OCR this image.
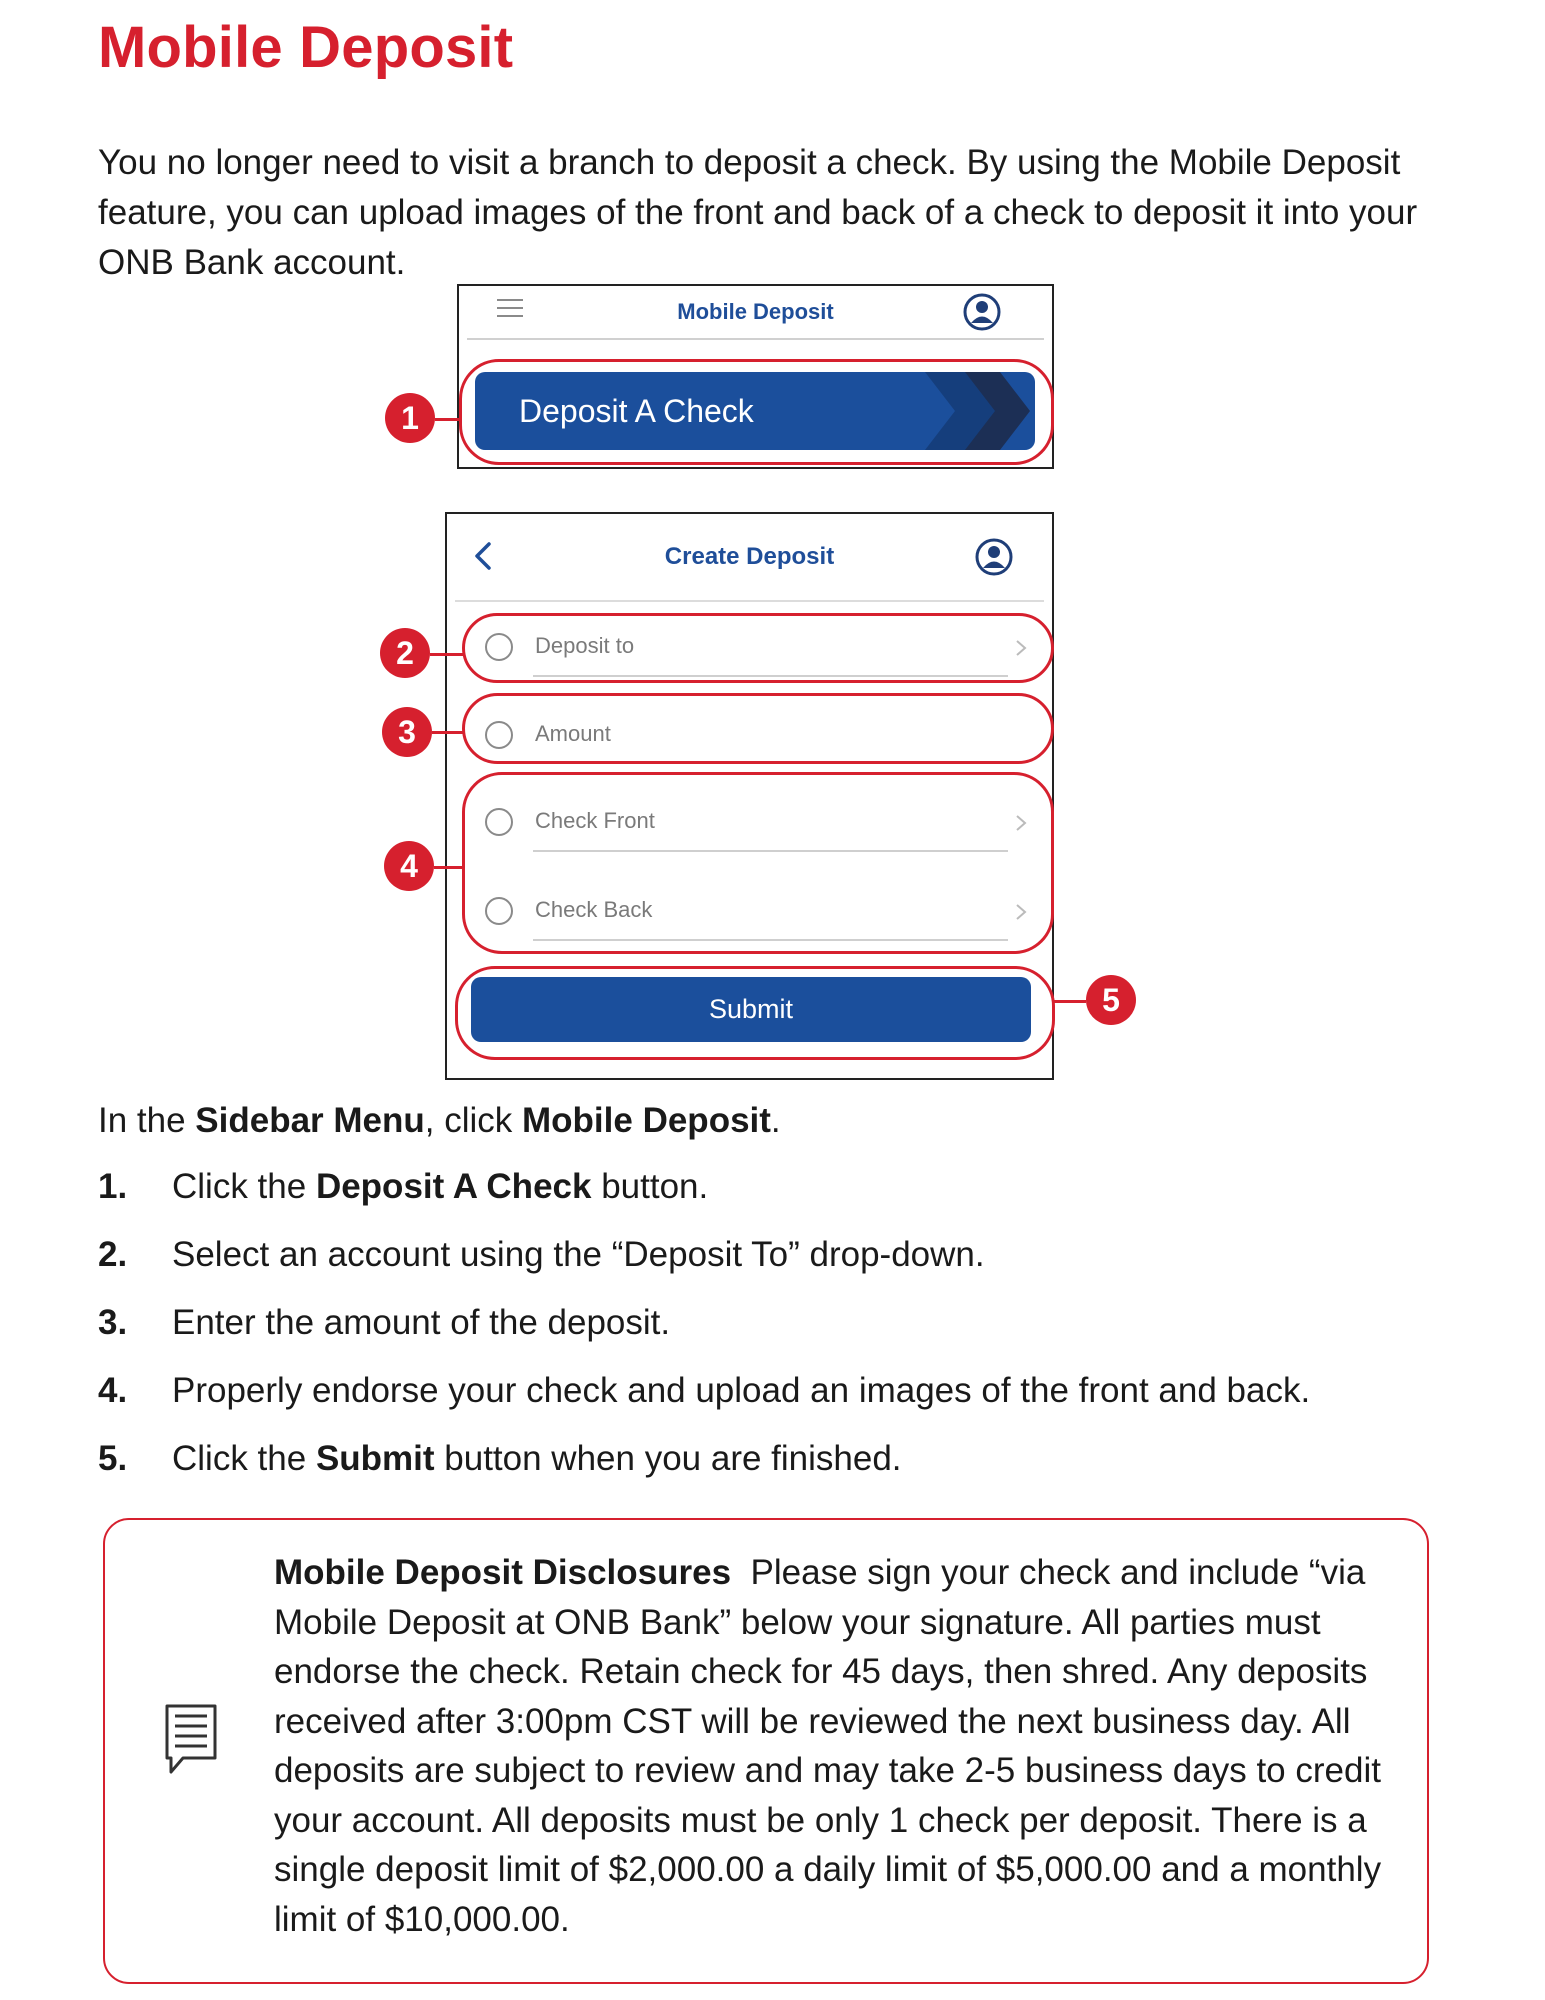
Mobile Deposit

You no longer need to visit a branch to deposit a check. By using the Mobile Deposit feature, you can upload images of the front and back of a check to deposit it into your ONB Bank account.

Mobile Deposit
Deposit A Check
Create Deposit
Deposit to
Amount
Check Front
Check Back
Submit
1
2
3
4
5

In the Sidebar Menu, click Mobile Deposit.

1. Click the Deposit A Check button.
2. Select an account using the “Deposit To” drop-down.
3. Enter the amount of the deposit.
4. Properly endorse your check and upload an images of the front and back.
5. Click the Submit button when you are finished.

Mobile Deposit Disclosures Please sign your check and include “via Mobile Deposit at ONB Bank” below your signature. All parties must endorse the check. Retain check for 45 days, then shred. Any deposits received after 3:00pm CST will be reviewed the next business day. All deposits are subject to review and may take 2-5 business days to credit your account. All deposits must be only 1 check per deposit. There is a single deposit limit of $2,000.00 a daily limit of $5,000.00 and a monthly limit of $10,000.00.
